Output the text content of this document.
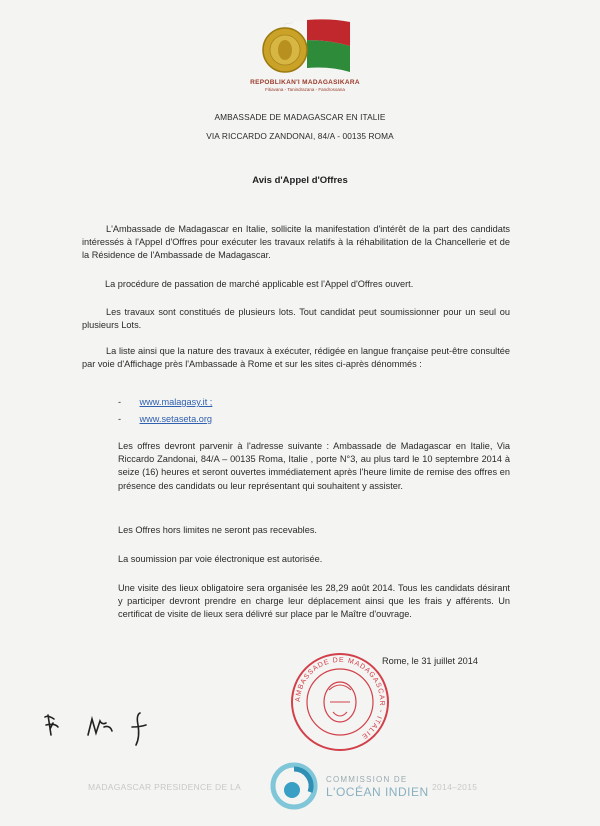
REPOBLIKAN'I MADAGASIKARA
Fitiavana - Tanindrazana - Fandrosoana
AMBASSADE DE MADAGASCAR EN ITALIE
VIA RICCARDO ZANDONAI, 84/A - 00135 ROMA
Avis d'Appel d'Offres
L'Ambassade de Madagascar en Italie, sollicite la manifestation d'intérêt de la part des candidats intéressés à l'Appel d'Offres pour exécuter les travaux relatifs à la réhabilitation de la Chancellerie et de la Résidence de l'Ambassade de Madagascar.
La procédure de passation de marché applicable est l'Appel d'Offres ouvert.
Les travaux sont constitués de plusieurs lots. Tout candidat peut soumissionner pour un seul ou plusieurs Lots.
La liste ainsi que la nature des travaux à exécuter, rédigée en langue française peut-être consultée par voie d'Affichage près l'Ambassade à Rome et sur les sites ci-après dénommés :
- www.malagasy.it ;
- www.setaseta.org
Les offres devront parvenir à l'adresse suivante : Ambassade de Madagascar en Italie, Via Riccardo Zandonai, 84/A – 00135 Roma, Italie , porte N°3, au plus tard le 10 septembre 2014 à seize (16) heures et seront ouvertes immédiatement après l'heure limite de remise des offres en présence des candidats ou leur représentant qui souhaitent y assister.
Les Offres hors limites ne seront pas recevables.
La soumission par voie électronique est autorisée.
Une visite des lieux obligatoire sera organisée les 28,29 août 2014. Tous les candidats désirant y participer devront prendre en charge leur déplacement ainsi que les frais y afférents. Un certificat de visite de lieux sera délivré sur place par le Maître d'ouvrage.
Rome, le 31 juillet 2014
AMBASSADE DE MADAGASCAR - ITALIE
MADAGASCAR PRESIDENCE DE LA
COMMISSION DE
L'OCÉAN INDIEN 2014–2015
